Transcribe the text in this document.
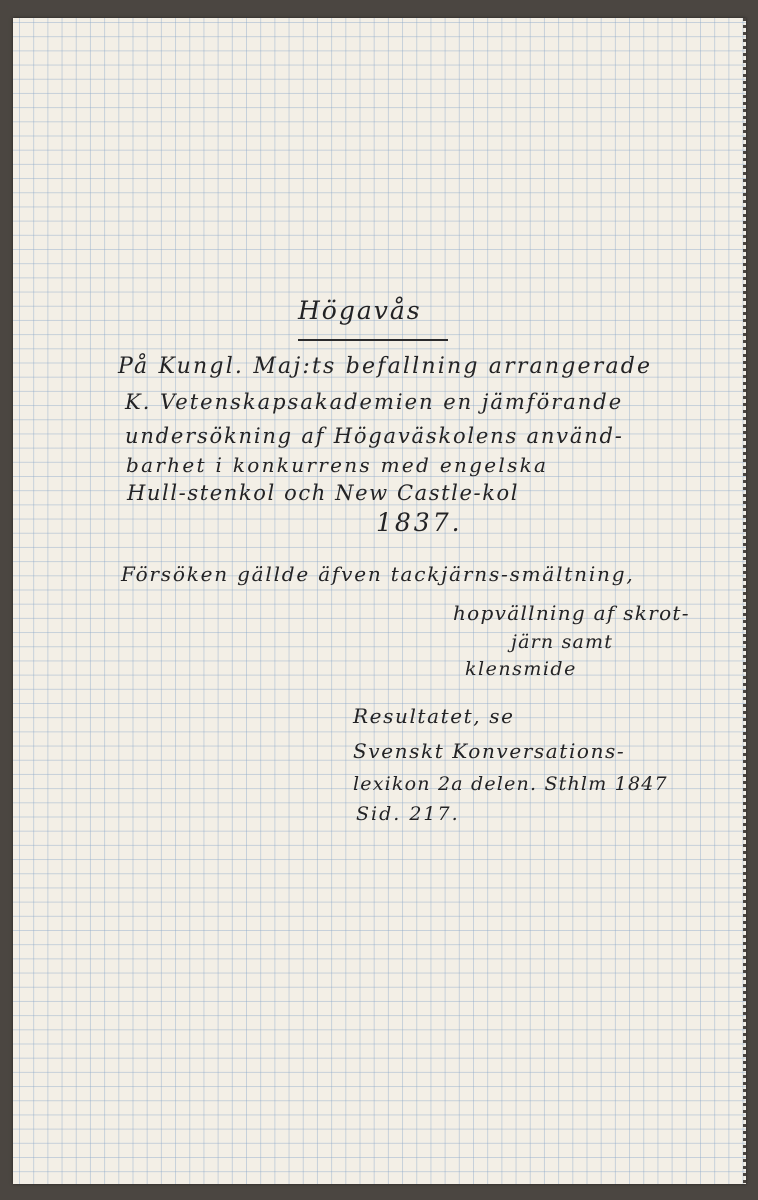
Högavås
På Kungl. Maj:ts befallning arrangerade
K. Vetenskapsakademien en jämförande
undersökning af Högaväskolens använd-
barhet i konkurrens med engelska
Hull-stenkol och New Castle-kol
1837.
Försöken gällde äfven tackjärns-smältning,
hopvällning af skrot-
järn samt
klensmide
Resultatet, se
Svenskt Konversations-
lexikon 2a delen. Sthlm 1847
Sid. 217.
